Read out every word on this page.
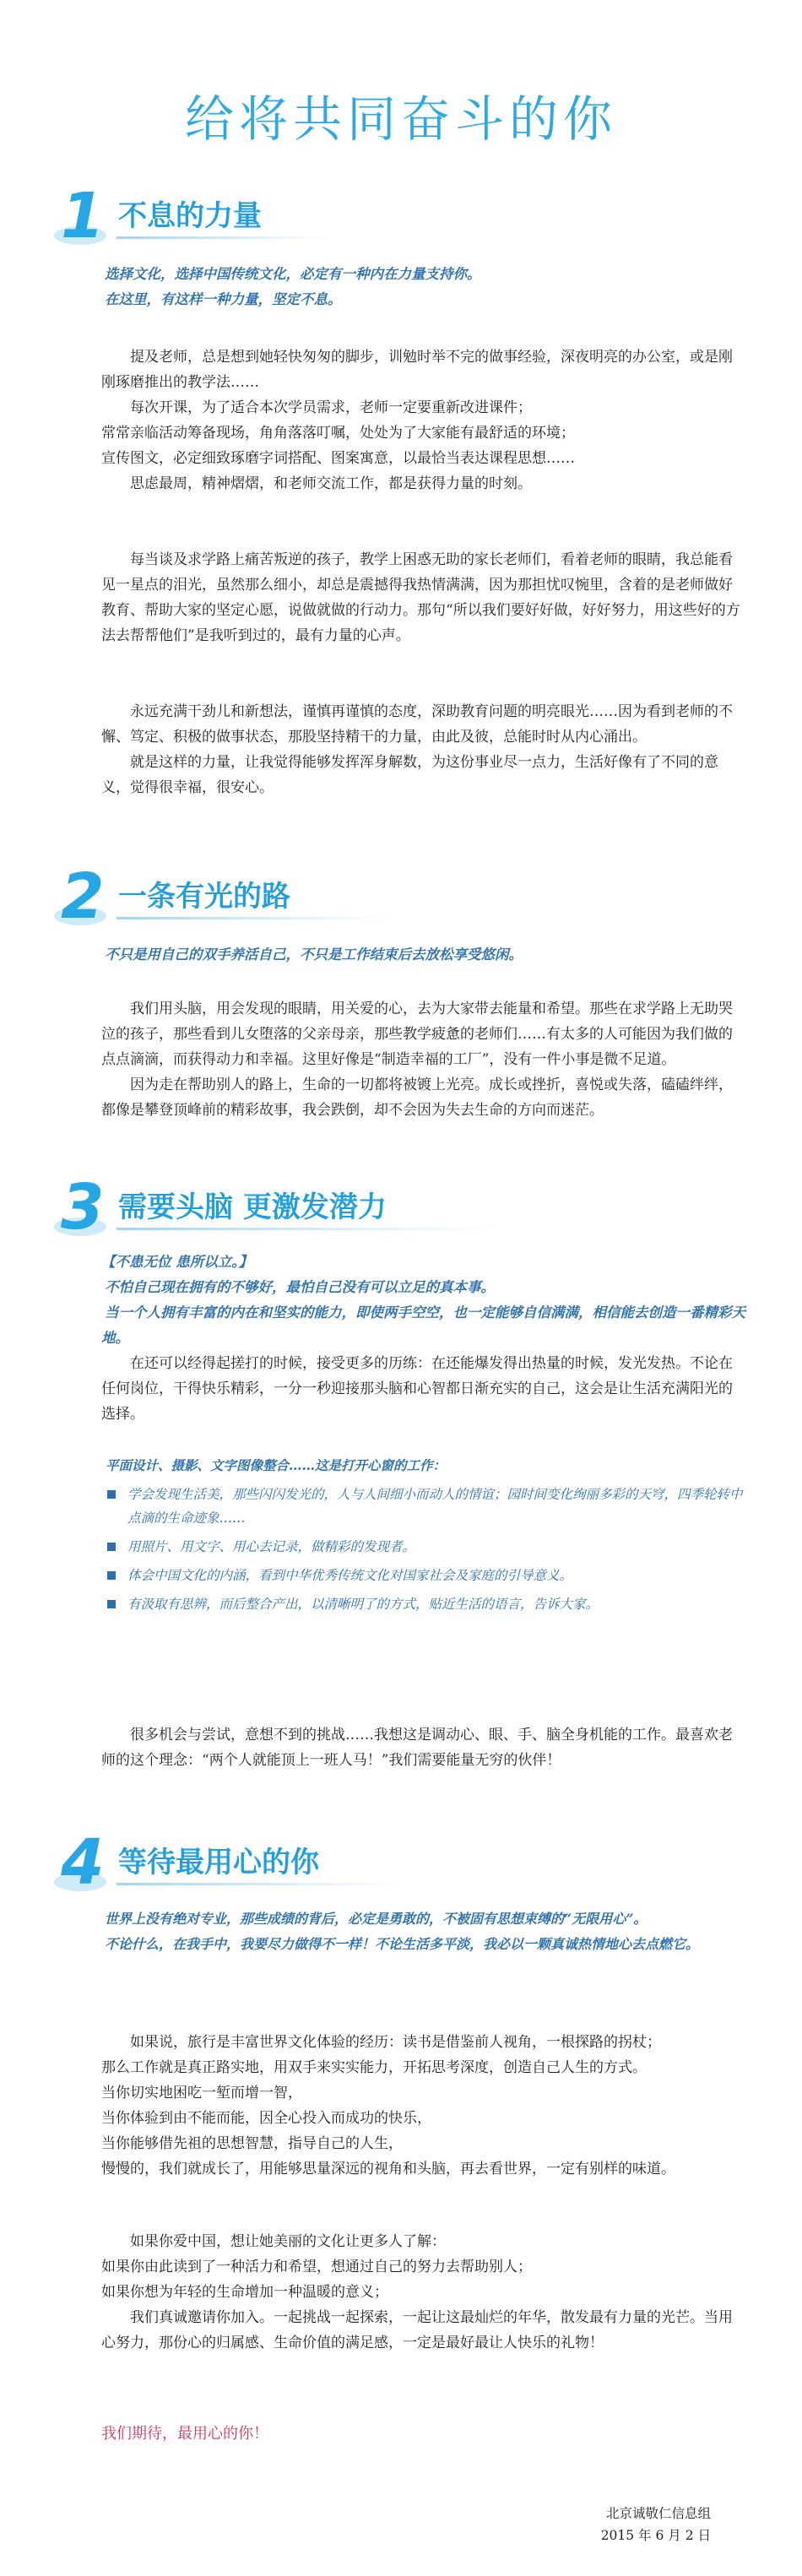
给将共同奋斗的你
1 不息的力量
选择文化，选择中国传统文化，必定有一种内在力量支持你。
在这里，有这样一种力量，坚定不息。

提及老师，总是想到她轻快匆匆的脚步，训勉时举不完的做事经验，深夜明亮的办公室，或是刚刚琢磨推出的教学法……

每次开课，为了适合本次学员需求，老师一定要重新改进课件；

常常亲临活动筹备现场，角角落落叮嘱，处处为了大家能有最舒适的环境；

宣传图文，必定细致琢磨字词搭配、图案寓意，以最恰当表达课程思想……

思虑最周，精神熠熠，和老师交流工作，都是获得力量的时刻。

每当谈及求学路上痛苦叛逆的孩子，教学上困惑无助的家长老师们，看着老师的眼睛，我总能看见一星点的泪光，虽然那么细小，却总是震撼得我热情满满，因为那担忧叹惋里，含着的是老师做好教育、帮助大家的坚定心愿，说做就做的行动力。那句“所以我们要好好做，好好努力，用这些好的方法去帮帮他们”是我听到过的，最有力量的心声。

永远充满干劲儿和新想法，谨慎再谨慎的态度，深助教育问题的明亮眼光……因为看到老师的不懈、笃定、积极的做事状态，那股坚持精干的力量，由此及彼，总能时时从内心涌出。

就是这样的力量，让我觉得能够发挥浑身解数，为这份事业尽一点力，生活好像有了不同的意义，觉得很幸福，很安心。

2 一条有光的路
不只是用自己的双手养活自己，不只是工作结束后去放松享受悠闲。

我们用头脑，用会发现的眼睛，用关爱的心，去为大家带去能量和希望。那些在求学路上无助哭泣的孩子，那些看到儿女堕落的父亲母亲，那些教学疲惫的老师们……有太多的人可能因为我们做的点点滴滴，而获得动力和幸福。这里好像是“制造幸福的工厂”，没有一件小事是微不足道。

因为走在帮助别人的路上，生命的一切都将被镀上光亮。成长或挫折，喜悦或失落，磕磕绊绊，都像是攀登顶峰前的精彩故事，我会跌倒，却不会因为失去生命的方向而迷茫。

3 需要头脑 更激发潜力
【不患无位 患所以立。】
不怕自己现在拥有的不够好，最怕自己没有可以立足的真本事。
当一个人拥有丰富的内在和坚实的能力，即使两手空空，也一定能够自信满满，相信能去创造一番精彩天地。

在还可以经得起搓打的时候，接受更多的历练：在还能爆发得出热量的时候，发光发热。不论在任何岗位，干得快乐精彩，一分一秒迎接那头脑和心智都日渐充实的自己，这会是让生活充满阳光的选择。

平面设计、摄影、文字图像整合……这是打开心窗的工作：
学会发现生活美，那些闪闪发光的，人与人间细小而动人的情谊；园时间变化绚丽多彩的天穹，四季轮转中点滴的生命迹象……
用照片、用文字、用心去记录，做精彩的发现者。
体会中国文化的内涵，看到中华优秀传统文化对国家社会及家庭的引导意义。
有汲取有思辨，而后整合产出，以清晰明了的方式，贴近生活的语言，告诉大家。

很多机会与尝试，意想不到的挑战……我想这是调动心、眼、手、脑全身机能的工作。最喜欢老师的这个理念：“两个人就能顶上一班人马！”我们需要能量无穷的伙伴！

4 等待最用心的你
世界上没有绝对专业，那些成绩的背后，必定是勇敢的，不被固有思想束缚的“无限用心”。
不论什么，在我手中，我要尽力做得不一样！不论生活多平淡，我必以一颗真诚热情地心去点燃它。

如果说，旅行是丰富世界文化体验的经历：读书是借鉴前人视角，一根探路的拐杖；

那么工作就是真正路实地，用双手来实实能力，开拓思考深度，创造自己人生的方式。

当你切实地困吃一堑而增一智，

当你体验到由不能而能，因全心投入而成功的快乐，

当你能够借先祖的思想智慧，指导自己的人生，

慢慢的，我们就成长了，用能够思量深远的视角和头脑，再去看世界，一定有别样的味道。

如果你爱中国，想让她美丽的文化让更多人了解：

如果你由此读到了一种活力和希望，想通过自己的努力去帮助别人；

如果你想为年轻的生命增加一种温暖的意义；

我们真诚邀请你加入。一起挑战一起探索，一起让这最灿烂的年华，散发最有力量的光芒。当用心努力，那份心的归属感、生命价值的满足感，一定是最好最让人快乐的礼物！

我们期待，最用心的你！
北京诚敬仁信息组
2015 年 6 月 2 日
